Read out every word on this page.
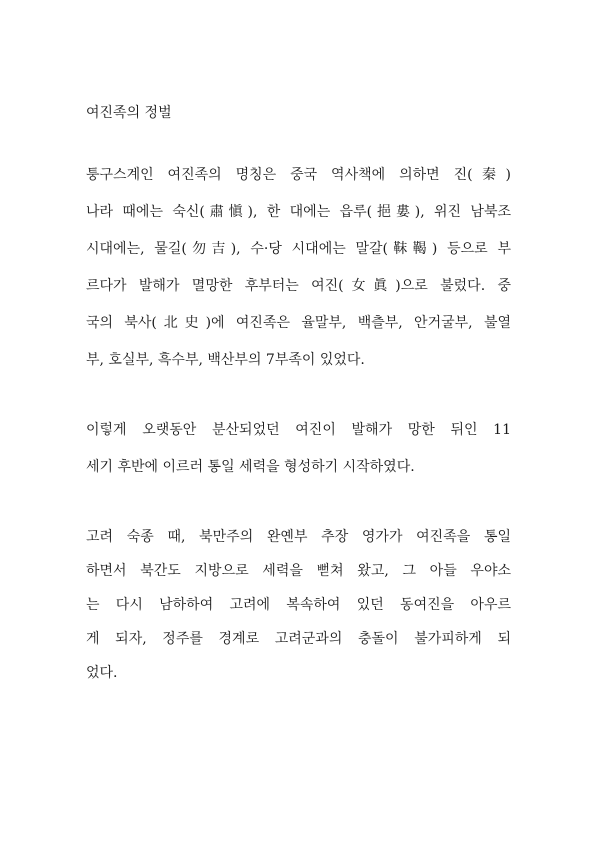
여진족의 정벌
퉁구스계인 여진족의 명칭은 중국 역사책에 의하면 진(秦)
나라 때에는 숙신(肅愼), 한 대에는 읍루(挹婁), 위진 남북조
시대에는, 물길(勿吉), 수·당 시대에는 말갈(靺鞨) 등으로 부
르다가 발해가 멸망한 후부터는 여진(女眞)으로 불렀다. 중
국의 북사(北史)에 여진족은 율말부, 백츨부, 안거굴부, 불열
부, 호실부, 흑수부, 백산부의 7부족이 있었다.
이렇게 오랫동안 분산되었던 여진이 발해가 망한 뒤인 11
세기 후반에 이르러 통일 세력을 형성하기 시작하였다.
고려 숙종 때, 북만주의 완옌부 추장 영가가 여진족을 통일
하면서 북간도 지방으로 세력을 뻗쳐 왔고, 그 아들 우야소
는 다시 남하하여 고려에 복속하여 있던 동여진을 아우르
게 되자, 정주를 경계로 고려군과의 충돌이 불가피하게 되
었다.
